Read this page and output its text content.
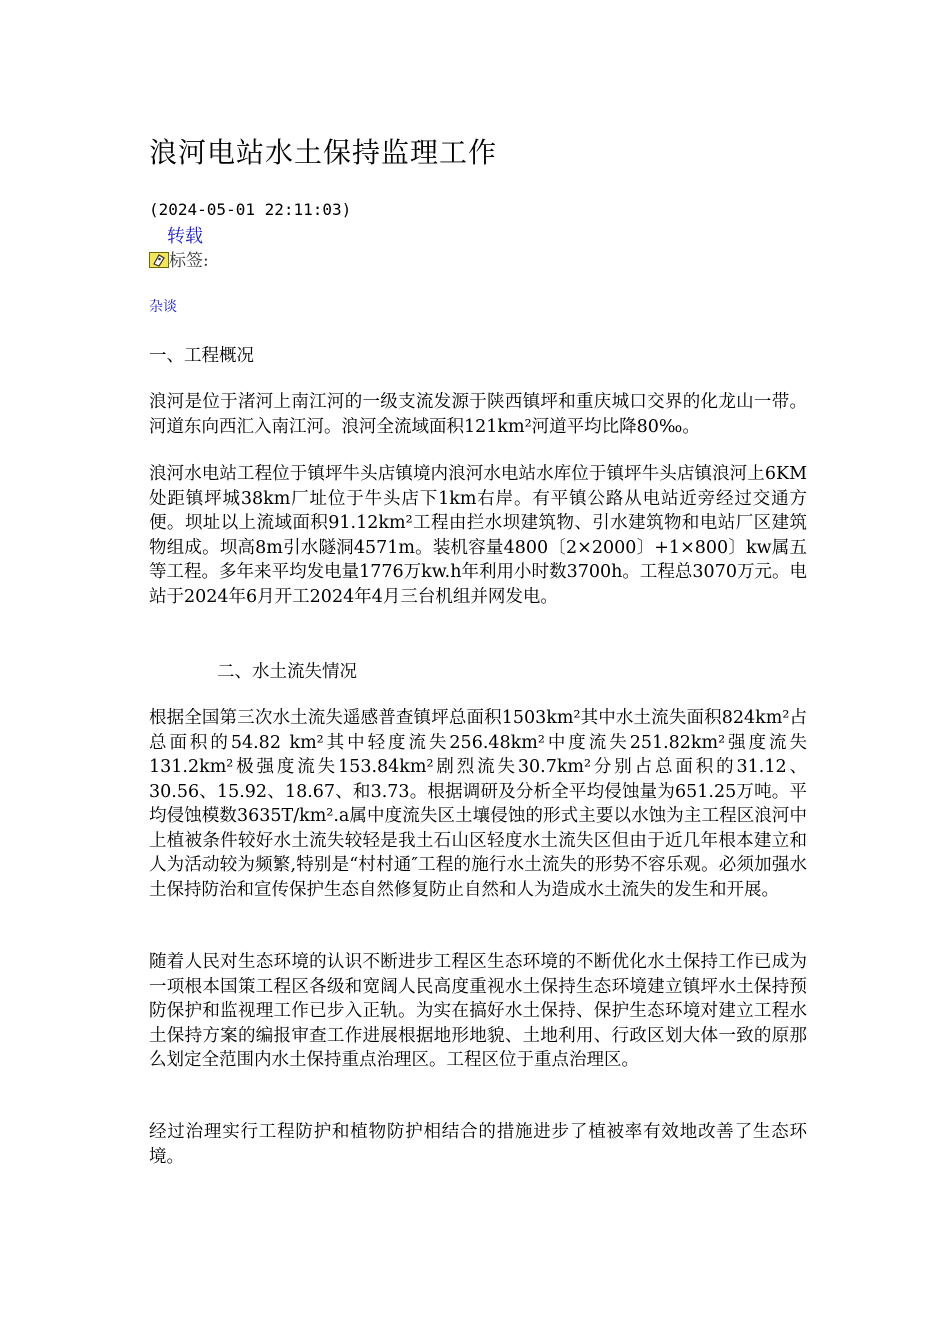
浪河电站水土保持监理工作
(2024-05-01 22:11:03)
转载
标签:
杂谈

一、工程概况

浪河是位于渚河上南江河的一级支流发源于陕西镇坪和重庆城口交界的化龙山一带。河道东向西汇入南江河。浪河全流域面积121km²河道平均比降80‰。

浪河水电站工程位于镇坪牛头店镇境内浪河水电站水库位于镇坪牛头店镇浪河上6KM处距镇坪城38km厂址位于牛头店下1km右岸。有平镇公路从电站近旁经过交通方便。坝址以上流域面积91.12km²工程由拦水坝建筑物、引水建筑物和电站厂区建筑物组成。坝高8m引水隧洞4571m。装机容量4800〔2×2000〕+1×800〕kw属五等工程。多年来平均发电量1776万kw.h年利用小时数3700h。工程总3070万元。电站于2024年6月开工2024年4月三台机组并网发电。

二、水土流失情况

根据全国第三次水土流失遥感普查镇坪总面积1503km²其中水土流失面积824km²占总面积的54.82 km²其中轻度流失256.48km²中度流失251.82km²强度流失131.2km²极强度流失153.84km²剧烈流失30.7km²分别占总面积的31.12、30.56、15.92、18.67、和3.73。根据调研及分析全平均侵蚀量为651.25万吨。平均侵蚀模数3635T/km².a属中度流失区土壤侵蚀的形式主要以水蚀为主工程区浪河中上植被条件较好水土流失较轻是我土石山区轻度水土流失区但由于近几年根本建立和人为活动较为频繁,特别是“村村通″工程的施行水土流失的形势不容乐观。必须加强水土保持防治和宣传保护生态自然修复防止自然和人为造成水土流失的发生和开展。

随着人民对生态环境的认识不断进步工程区生态环境的不断优化水土保持工作已成为一项根本国策工程区各级和宽阔人民高度重视水土保持生态环境建立镇坪水土保持预防保护和监视理工作已步入正轨。为实在搞好水土保持、保护生态环境对建立工程水土保持方案的编报审查工作进展根据地形地貌、土地利用、行政区划大体一致的原那么划定全范围内水土保持重点治理区。工程区位于重点治理区。

经过治理实行工程防护和植物防护相结合的措施进步了植被率有效地改善了生态环境。
